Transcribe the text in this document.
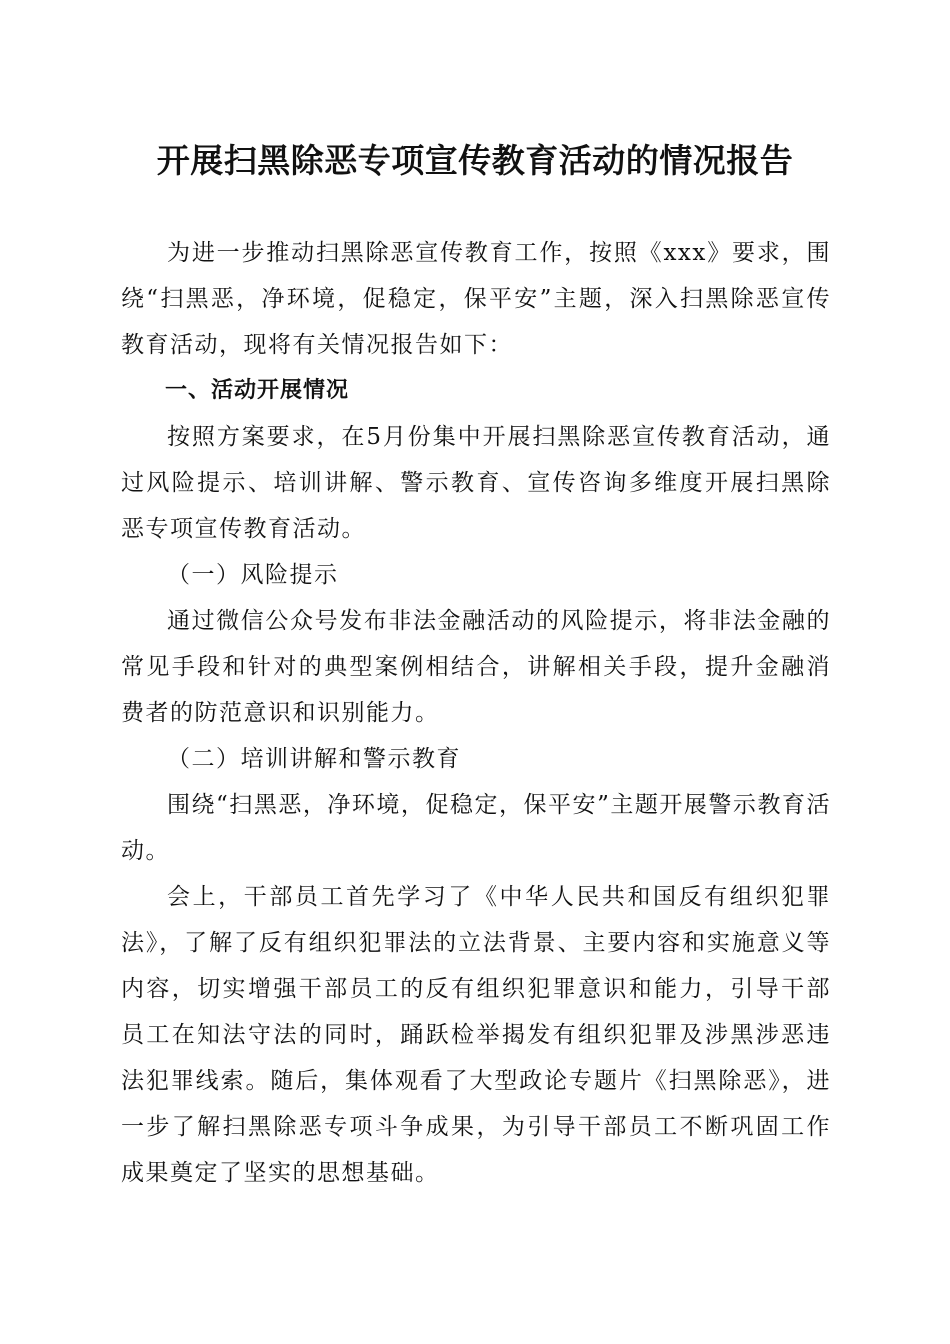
开展扫黑除恶专项宣传教育活动的情况报告

为进一步推动扫黑除恶宣传教育工作，按照《xxx》要求，围绕“扫黑恶，净环境，促稳定，保平安”主题，深入扫黑除恶宣传教育活动，现将有关情况报告如下：

一、活动开展情况

按照方案要求，在5月份集中开展扫黑除恶宣传教育活动，通过风险提示、培训讲解、警示教育、宣传咨询多维度开展扫黑除恶专项宣传教育活动。

（一）风险提示

通过微信公众号发布非法金融活动的风险提示，将非法金融的常见手段和针对的典型案例相结合，讲解相关手段，提升金融消费者的防范意识和识别能力。

（二）培训讲解和警示教育

围绕“扫黑恶，净环境，促稳定，保平安”主题开展警示教育活动。

会上，干部员工首先学习了《中华人民共和国反有组织犯罪法》，了解了反有组织犯罪法的立法背景、主要内容和实施意义等内容，切实增强干部员工的反有组织犯罪意识和能力，引导干部员工在知法守法的同时，踊跃检举揭发有组织犯罪及涉黑涉恶违法犯罪线索。随后，集体观看了大型政论专题片《扫黑除恶》，进一步了解扫黑除恶专项斗争成果，为引导干部员工不断巩固工作成果奠定了坚实的思想基础。
